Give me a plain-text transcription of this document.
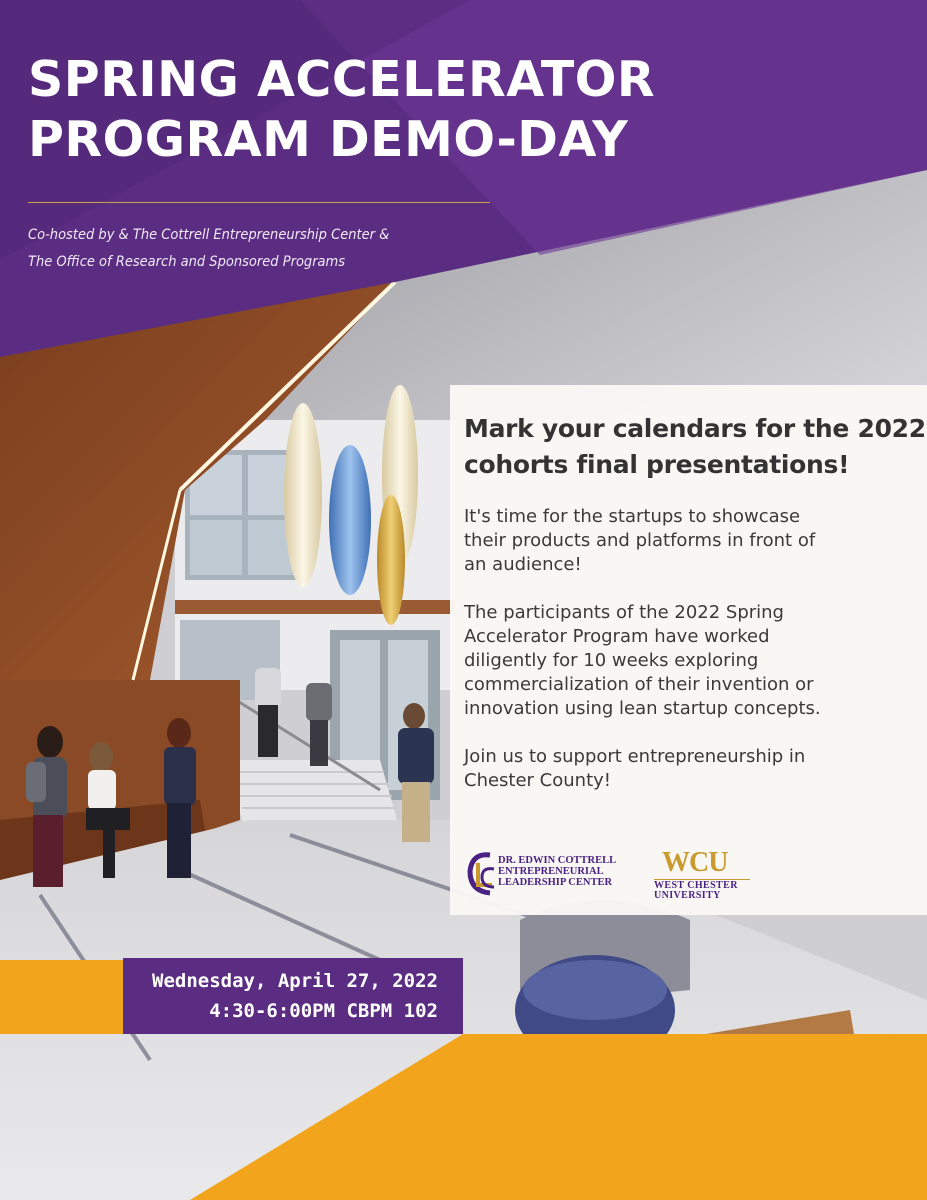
SPRING ACCELERATOR
PROGRAM DEMO-DAY
Co-hosted by & The Cottrell Entrepreneurship Center &
The Office of Research and Sponsored Programs
Mark your calendars for the 2022
cohorts final presentations!

It's time for the startups to showcase
their products and platforms in front of
an audience!

The participants of the 2022 Spring
Accelerator Program have worked
diligently for 10 weeks exploring
commercialization of their invention or
innovation using lean startup concepts.

Join us to support entrepreneurship in
Chester County!

DR. EDWIN COTTRELL
ENTREPRENEURIAL
LEADERSHIP CENTER
WCU
WEST CHESTER
UNIVERSITY
Wednesday, April 27, 2022
4:30-6:00PM CBPM 102
